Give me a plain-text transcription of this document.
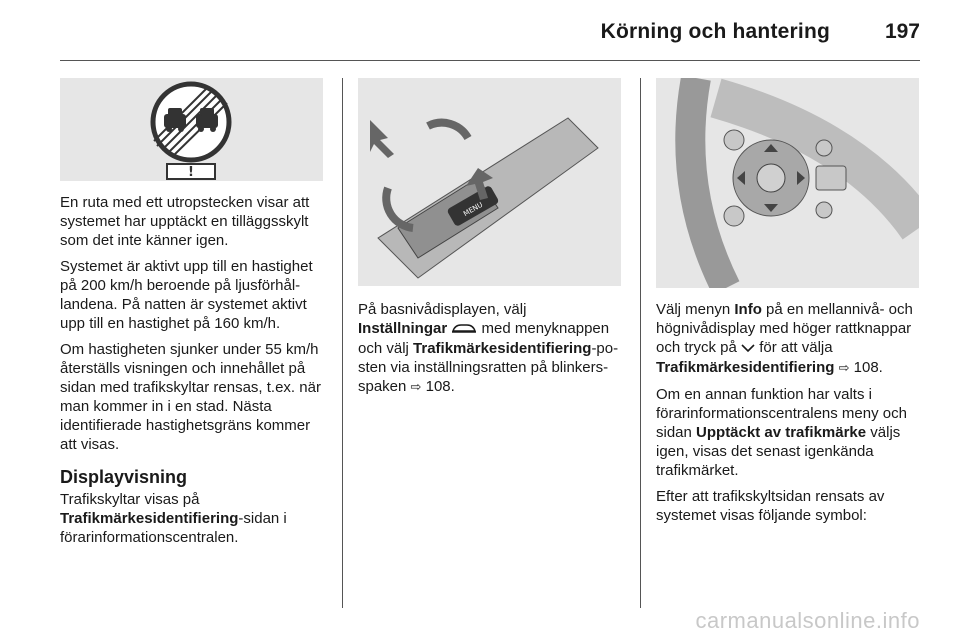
Körning och hantering	197
!

En ruta med ett utropstecken visar att systemet har upptäckt en tilläggsskylt som det inte känner igen.

Systemet är aktivt upp till en hastighet på 200 km/h beroende på ljusförhållandena. På natten är systemet aktivt upp till en hastighet på 160 km/h.

Om hastigheten sjunker under 55 km/h återställs visningen och innehållet på sidan med trafikskyltar rensas, t.ex. när man kommer in i en stad. Nästa identifierade hastighetsgräns kommer att visas.

Displayvisning

Trafikskyltar visas på
Trafikmärkesidentifiering-sidan i förarinformationscentralen.

MENU

På basnivådisplayen, välj
Inställningar  med menyknappen och välj Trafikmärkesidentifiering-posten via inställningsratten på blinkersspaken ⇨ 108.

Välj menyn Info på en mellannivå- och högnivådisplay med höger rattknappar och tryck på  för att välja
Trafikmärkesidentifiering ⇨ 108.

Om en annan funktion har valts i förarinformationscentralens meny och sidan Upptäckt av trafikmärke väljs igen, visas det senast igenkända trafikmärket.

Efter att trafikskyltsidan rensats av systemet visas följande symbol:

carmanualsonline.info
